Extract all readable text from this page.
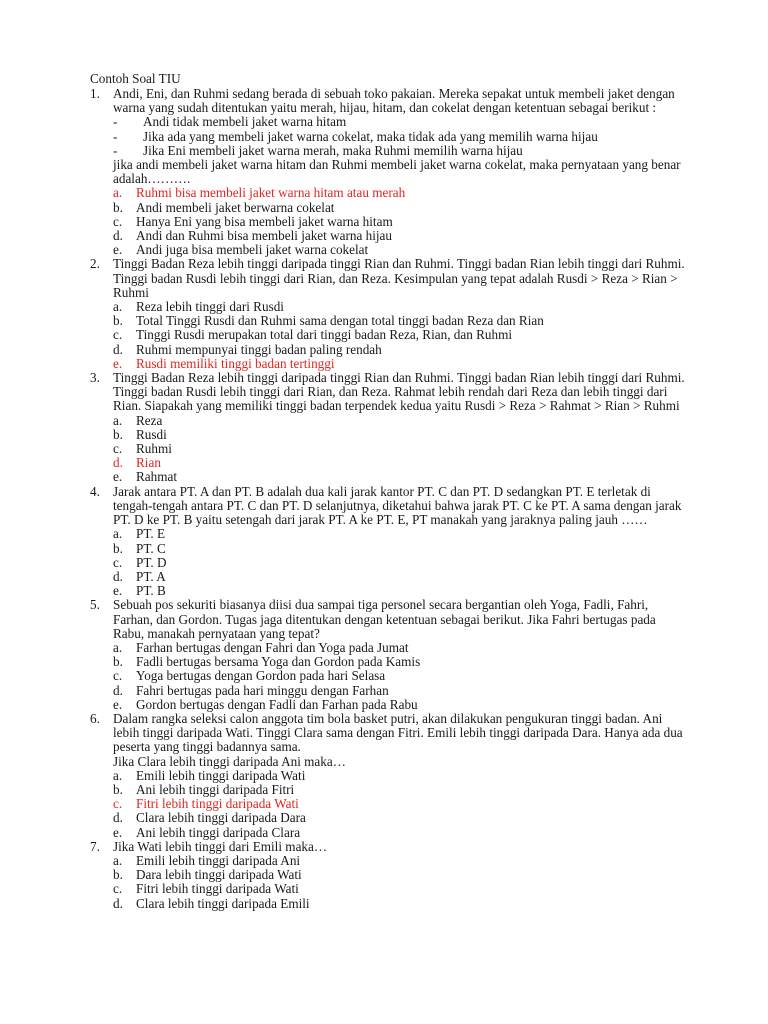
Contoh Soal TIU
1. Andi, Eni, dan Ruhmi sedang berada di sebuah toko pakaian. Mereka sepakat untuk membeli jaket dengan warna yang sudah ditentukan yaitu merah, hijau, hitam, dan cokelat dengan ketentuan sebagai berikut :
-	Andi tidak membeli jaket warna hitam
-	Jika ada yang membeli jaket warna cokelat, maka tidak ada yang memilih warna hijau
-	Jika Eni membeli jaket warna merah, maka Ruhmi memilih warna hijau
jika andi membeli jaket warna hitam dan Ruhmi membeli jaket warna cokelat, maka pernyataan yang benar adalah……….
a.	Ruhmi bisa membeli jaket warna hitam atau merah
b. Andi membeli jaket berwarna cokelat
c.	Hanya Eni yang bisa membeli jaket warna hitam
d. Andi dan Ruhmi bisa membeli jaket warna hijau
e.	Andi juga bisa membeli jaket warna cokelat
2. Tinggi Badan Reza lebih tinggi daripada tinggi Rian dan Ruhmi. Tinggi badan Rian lebih tinggi dari Ruhmi. Tinggi badan Rusdi lebih tinggi dari Rian, dan Reza. Kesimpulan yang tepat adalah Rusdi > Reza > Rian > Ruhmi
a.	Reza lebih tinggi dari Rusdi
b. Total Tinggi Rusdi dan Ruhmi sama dengan total tinggi badan Reza dan Rian
c.	Tinggi Rusdi merupakan total dari tinggi badan Reza, Rian, dan Ruhmi
d. Ruhmi mempunyai tinggi badan paling rendah
e.	Rusdi memiliki tinggi badan tertinggi
3. Tinggi Badan Reza lebih tinggi daripada tinggi Rian dan Ruhmi. Tinggi badan Rian lebih tinggi dari Ruhmi. Tinggi badan Rusdi lebih tinggi dari Rian, dan Reza. Rahmat lebih rendah dari Reza dan lebih tinggi dari Rian. Siapakah yang memiliki tinggi badan terpendek kedua yaitu Rusdi > Reza > Rahmat > Rian > Ruhmi
a.	Reza
b. Rusdi
c.	Ruhmi
d. Rian
e.	Rahmat
4. Jarak antara PT. A dan PT. B adalah dua kali jarak kantor PT. C dan PT. D sedangkan PT. E terletak di tengah-tengah antara PT. C dan PT. D selanjutnya, diketahui bahwa jarak PT. C ke PT. A sama dengan jarak PT. D ke PT. B yaitu setengah dari jarak PT. A ke PT. E, PT manakah yang jaraknya paling jauh ……
a.	PT. E
b. PT. C
c.	PT. D
d. PT. A
e.	PT. B
5. Sebuah pos sekuriti biasanya diisi dua sampai tiga personel secara bergantian oleh Yoga, Fadli, Fahri, Farhan, dan Gordon. Tugas jaga ditentukan dengan ketentuan sebagai berikut. Jika Fahri bertugas pada Rabu, manakah pernyataan yang tepat?
a.	Farhan bertugas dengan Fahri dan Yoga pada Jumat
b. Fadli bertugas bersama Yoga dan Gordon pada Kamis
c.	Yoga bertugas dengan Gordon pada hari Selasa
d. Fahri bertugas pada hari minggu dengan Farhan
e.	Gordon bertugas dengan Fadli dan Farhan pada Rabu
6. Dalam rangka seleksi calon anggota tim bola basket putri, akan dilakukan pengukuran tinggi badan. Ani lebih tinggi daripada Wati. Tinggi Clara sama dengan Fitri. Emili lebih tinggi daripada Dara. Hanya ada dua peserta yang tinggi badannya sama.
Jika Clara lebih tinggi daripada Ani maka…
a.	Emili lebih tinggi daripada Wati
b. Ani lebih tinggi daripada Fitri
c.	Fitri lebih tinggi daripada Wati
d. Clara lebih tinggi daripada Dara
e.	Ani lebih tinggi daripada Clara
7. Jika Wati lebih tinggi dari Emili maka…
a.	Emili lebih tinggi daripada Ani
b. Dara lebih tinggi daripada Wati
c.	Fitri lebih tinggi daripada Wati
d. Clara lebih tinggi daripada Emili
